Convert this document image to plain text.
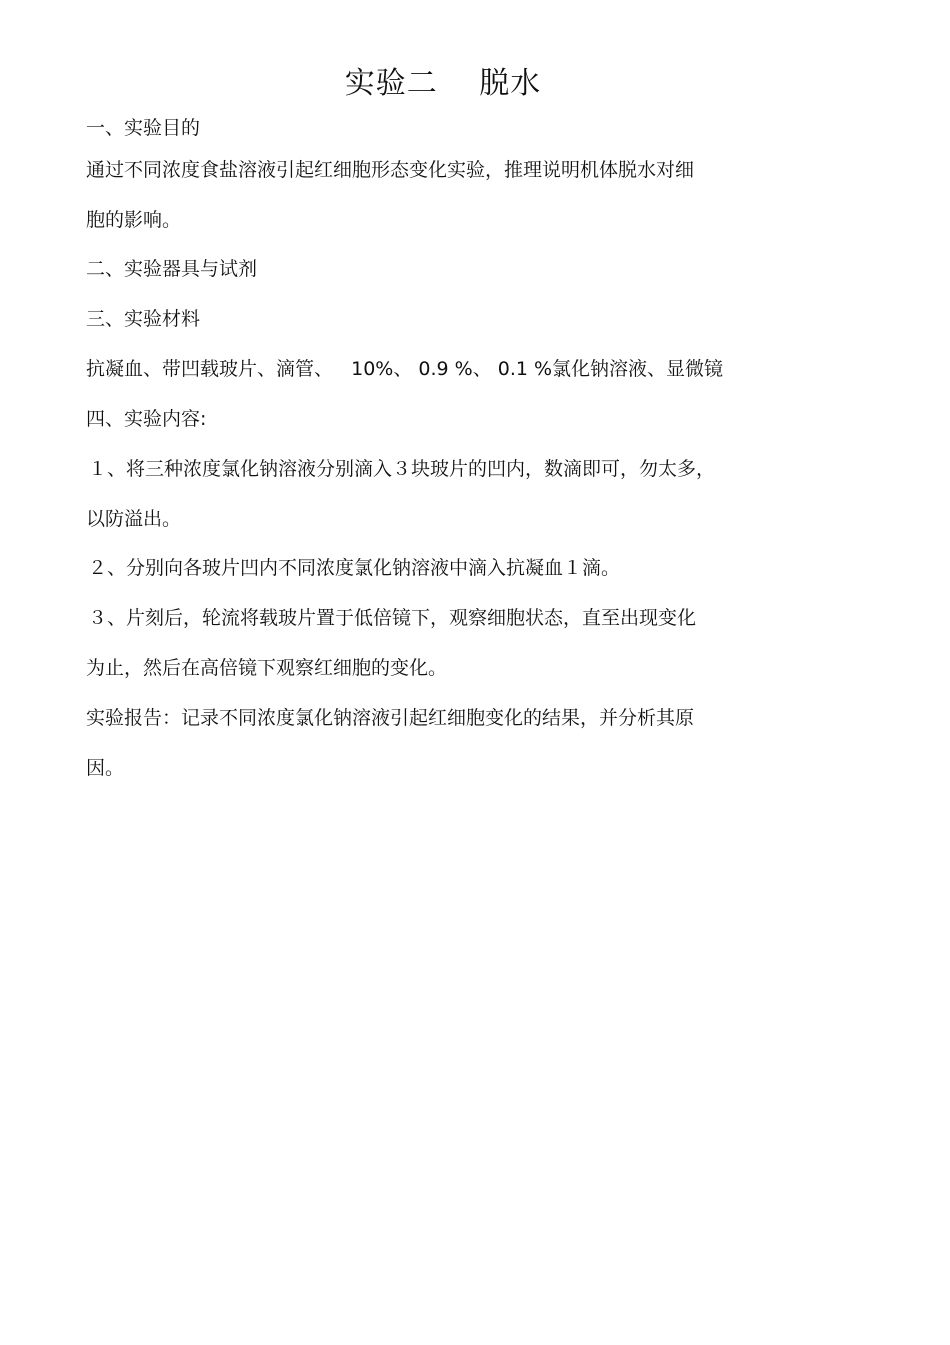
实验二　 脱水
一、实验目的
通过不同浓度食盐溶液引起红细胞形态变化实验，推理说明机体脱水对细
胞的影响。
二、实验器具与试剂
三、实验材料
抗凝血、带凹载玻片、滴管、   10%、 0.9 %、 0.1 %氯化钠溶液、显微镜
四、实验内容:
１、将三种浓度氯化钠溶液分别滴入３块玻片的凹内，数滴即可，勿太多，
以防溢出。
２、分别向各玻片凹内不同浓度氯化钠溶液中滴入抗凝血１滴。
３、片刻后，轮流将载玻片置于低倍镜下，观察细胞状态，直至出现变化
为止，然后在高倍镜下观察红细胞的变化。
实验报告：记录不同浓度氯化钠溶液引起红细胞变化的结果，并分析其原
因。
